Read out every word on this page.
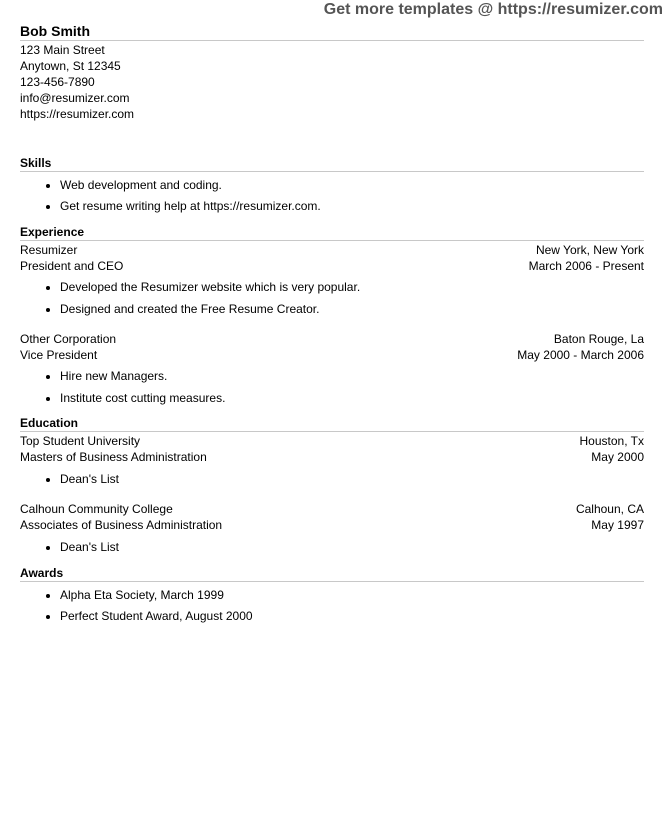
Get more templates @ https://resumizer.com
Bob Smith
123 Main Street
Anytown, St 12345
123-456-7890
info@resumizer.com
https://resumizer.com
Skills
• Web development and coding.
• Get resume writing help at https://resumizer.com.
Experience
Resumizer	New York, New York
President and CEO	March 2006 - Present
• Developed the Resumizer website which is very popular.
• Designed and created the Free Resume Creator.
Other Corporation	Baton Rouge, La
Vice President	May 2000 - March 2006
• Hire new Managers.
• Institute cost cutting measures.
Education
Top Student University	Houston, Tx
Masters of Business Administration	May 2000
• Dean's List
Calhoun Community College	Calhoun, CA
Associates of Business Administration	May 1997
• Dean's List
Awards
• Alpha Eta Society, March 1999
• Perfect Student Award, August 2000
